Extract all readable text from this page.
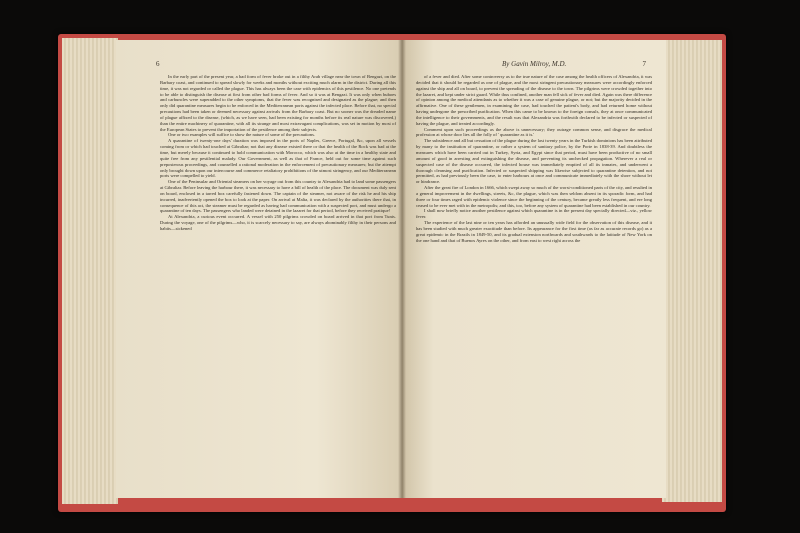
6

In the early part of the present year, a bad form of fever broke out in a filthy Arab village near the town of Bengazi, on the Barbary coast, and continued to spread slowly for weeks and months without exciting much alarm in the district. During all this time, it was not regarded or called the plague. This has always been the case with epidemics of this pestilence. No one pretends to be able to distinguish the disease at first from other bad forms of fever. And so it was at Bengazi. It was only when buboes and carbuncles were superadded to the other symptoms, that the fever was recognised and designated as the plague; and then only did quarantine measures begin to be enforced in the Mediterranean ports against the infected place. Before that, no special precautions had been taken or deemed necessary against arrivals from the Barbary coast. But no sooner was the dreaded name of plague affixed to the disease, (which, as we have seen, had been existing for months before its real nature was discovered,) than the entire machinery of quarantine, with all its strange and most extravagant complications, was set in motion by most of the European States to prevent the importation of the pestilence among their subjects.

One or two examples will suffice to show the nature of some of the precautions.

A quarantine of twenty-one days' duration was imposed in the ports of Naples, Greece, Portugal, &c, upon all vessels coming from or which had touched at Gibraltar; not that any disease existed there or that the health of the Rock was bad at the time, but merely because it continued to hold communication with Morocco, which was also at the time in a healthy state and quite free from any pestilential malady. Our Government, as well as that of France, held out for some time against such preposterous proceedings, and counselled a rational moderation in the enforcement of precautionary measures; but the attempt only brought down upon our intercourse and commerce retaliatory prohibitions of the utmost stringency, and our Mediterranean ports were compelled to yield.

One of the Peninsular and Oriental steamers on her voyage out from this country to Alexandria had to land some passengers at Gibraltar. Before leaving the harbour there, it was necessary to have a bill of health of the place. The document was duly sent on board, enclosed in a tarred box carefully fastened down. The captain of the steamer, not aware of the risk he and his ship incurred, inadvertently opened the box to look at the paper. On arrival at Malta, it was declared by the authorities there that, in consequence of this act, the steamer must be regarded as having had communication with a suspected port, and must undergo a quarantine of ten days. The passengers who landed were detained in the lazaret for that period, before they received pratique!

At Alexandria, a curious event occurred. A vessel with 250 pilgrims crowded on board arrived in that port from Tunis. During the voyage, one of the pilgrims—who, it is scarcely necessary to say, are always abominably filthy in their persons and habits—sickened

By Gavin Milroy, M.D.	7

of a fever and died. After some controversy as to the true nature of the case among the health officers of Alexandria, it was decided that it should be regarded as one of plague, and the most stringent precautionary measures were accordingly enforced against the ship and all on board, to prevent the spreading of the disease to the town. The pilgrims were crowded together into the lazaret, and kept under strict guard. While thus confined, another man fell sick of fever and died. Again was there difference of opinion among the medical attendants as to whether it was a case of genuine plague, or not; but the majority decided in the affirmative. One of these gentlemen, in examining the case, had touched the patient's body, and had returned home without having undergone the prescribed purification. When this came to be known to the foreign consuls, they at once communicated the intelligence to their governments, and the result was that Alexandria was forthwith declared to be infected or suspected of having the plague, and treated accordingly.

Comment upon such proceedings as the above is unnecessary; they outrage common sense, and disgrace the medical profession at whose door lies all the folly of ' quarantine as it is.'

The subsidence and all but cessation of the plague during the last twenty years in the Turkish dominions has been attributed by many to the institution of quarantine, or rather a system of sanitary police, by the Porte in 1838-39. And doubtless the measures which have been carried out in Turkey, Syria, and Egypt since that period, must have been productive of no small amount of good in arresting and extinguishing the disease, and preventing its unchecked propagation. Wherever a real or suspected case of the disease occurred, the infected house was immediately emptied of all its inmates, and underwent a thorough cleansing and purification. Infected or suspected shipping was likewise subjected to quarantine detention, and not permitted, as had previously been the case, to enter harbours at once and communicate immediately with the shore without let or hindrance.

After the great fire of London in 1666, which swept away so much of the worst-conditioned parts of the city, and resulted in a general improvement in the dwellings, streets, &c, the plague, which was then seldom absent in its sporadic form, and had three or four times raged with epidemic violence since the beginning of the century, became greatly less frequent, and ere long ceased to be ever met with in the metropolis; and this, too, before any system of quarantine had been established in our country.

I shall now briefly notice another pestilence against which quarantine is in the present day specially directed—viz., yellow fever.

The experience of the last nine or ten years has afforded an unusually wide field for the observation of this disease, and it has been studied with much greater exactitude than before. Its appearance for the first time (as far as accurate records go) as a great epidemic in the Brazils in 1849-50, and its gradual extension northwards and southwards to the latitude of New York on the one hand and that of Buenos Ayres on the other, and from east to west right across the
